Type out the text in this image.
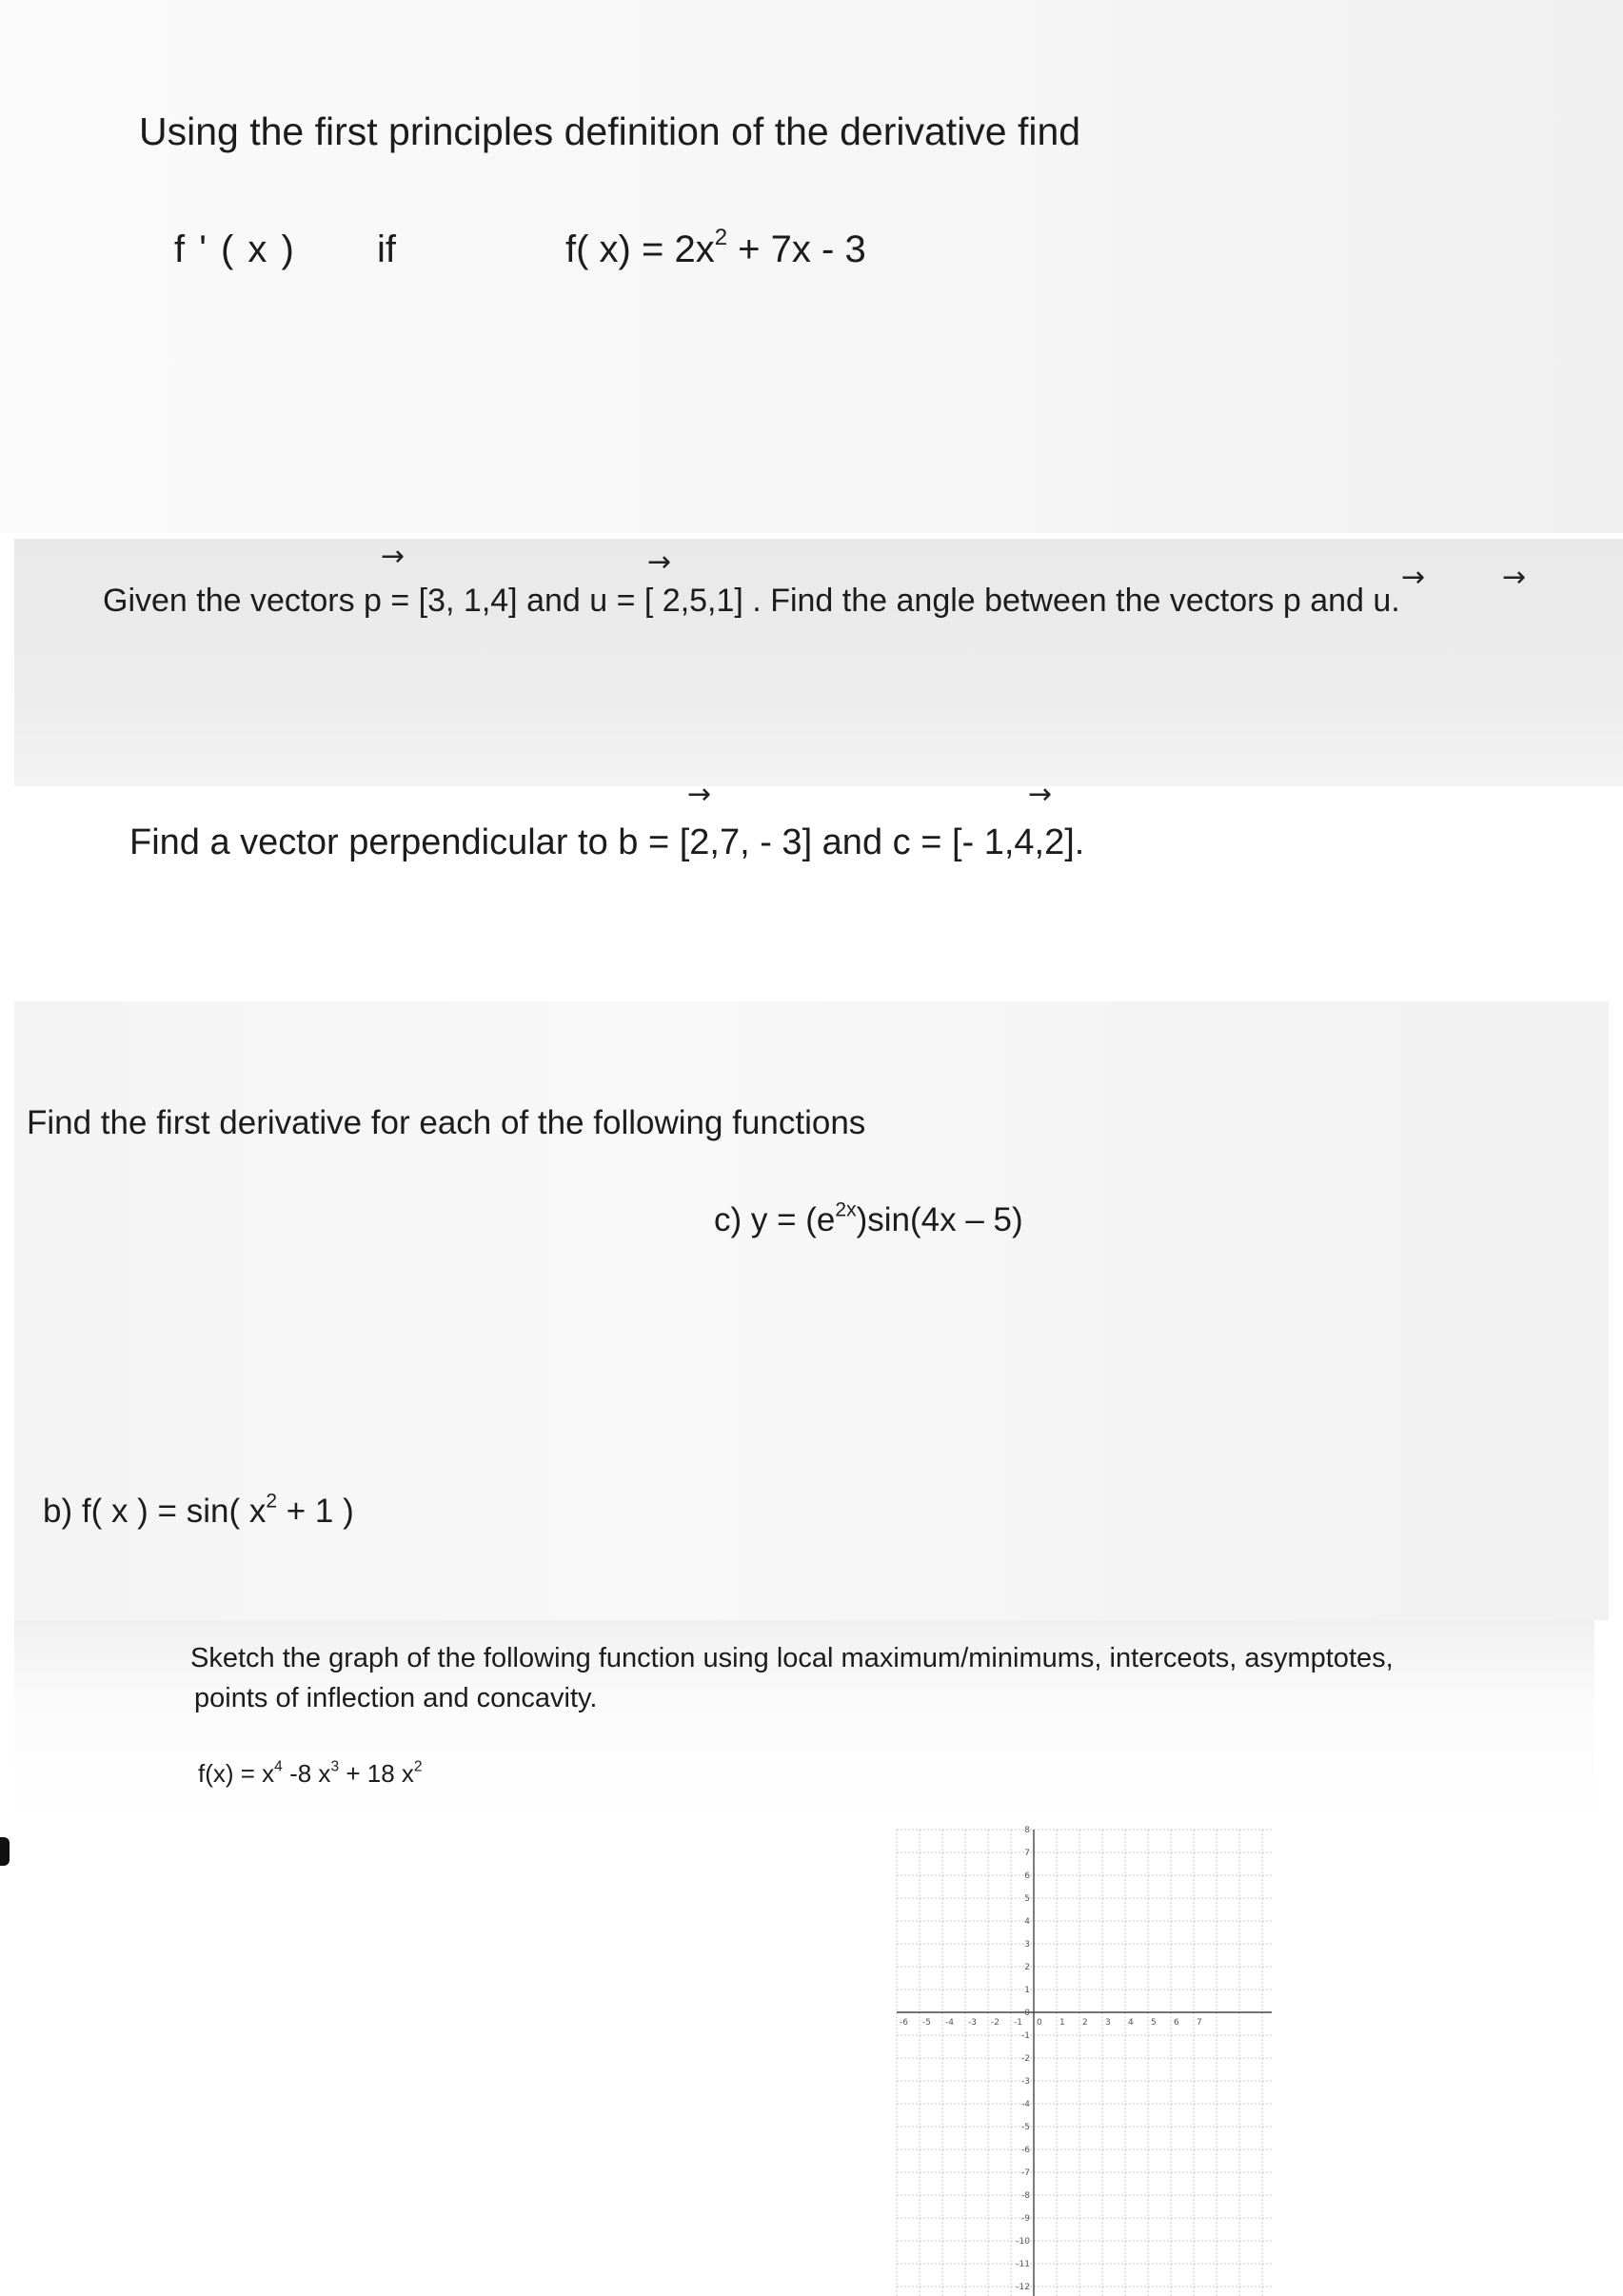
Using the first principles definition of the derivative find
f ' ( x ) if	f( $x) = 2x^2 + 7x - 3$
→	→	→	→
Given the vectors p = [3, 1,4] and u = [ 2,5,1] . Find the angle between the vectors p and u.
→	→
Find a vector perpendicular to b = [2,7, - 3] and c = [- 1,4,2].
Find the first derivative for each of the following functions
c) $y = (e^{2x})\sin(4x - 5)$
b) f( x ) = sin( $x^2 + 1$ )
Sketch the graph of the following function using local maximum/minimums, interceots, asymptotes,
points of inflection and concavity.
$f(x) = x^4$ -8 $x^3 + 18$ $x^2$
-6 -5 -4 -3 -2 -1 0 1 2 3 4 5 6 7
8
7
6
5
4
3
2
1
0
-1
-2
-3
-4
-5
-6
-7
-8
-9
-10
-11
-12
